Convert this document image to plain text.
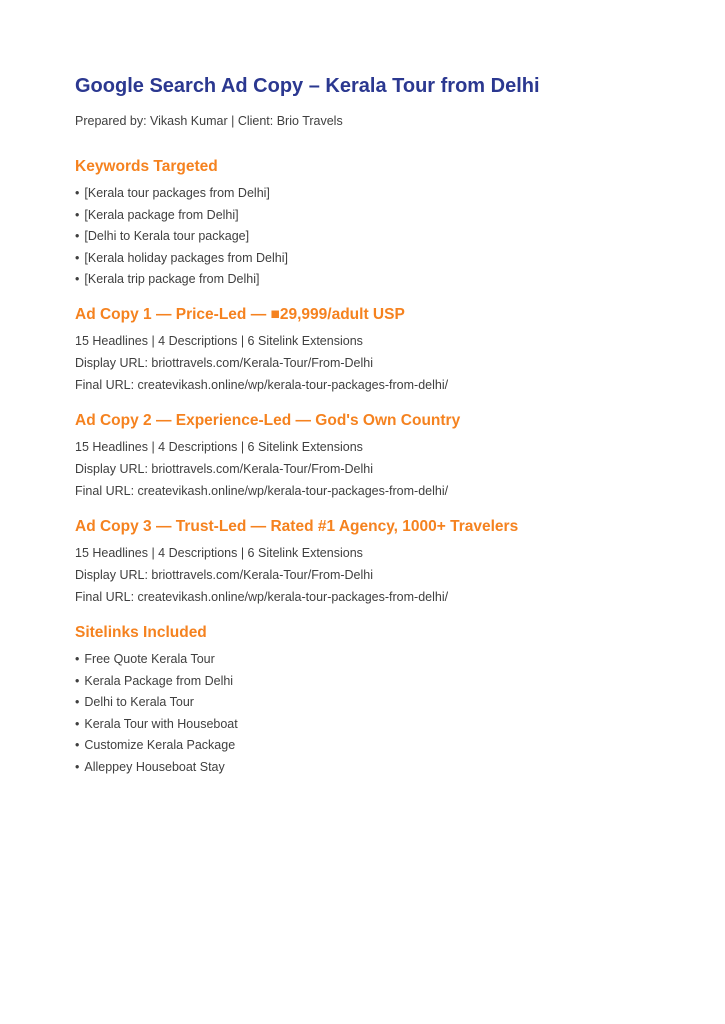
Google Search Ad Copy – Kerala Tour from Delhi

Prepared by: Vikash Kumar | Client: Brio Travels

Keywords Targeted
• [Kerala tour packages from Delhi]
• [Kerala package from Delhi]
• [Delhi to Kerala tour package]
• [Kerala holiday packages from Delhi]
• [Kerala trip package from Delhi]
Ad Copy 1 — Price-Led — ■29,999/adult USP

15 Headlines | 4 Descriptions | 6 Sitelink Extensions

Display URL: briottravels.com/Kerala-Tour/From-Delhi

Final URL: createvikash.online/wp/kerala-tour-packages-from-delhi/

Ad Copy 2 — Experience-Led — God's Own Country

15 Headlines | 4 Descriptions | 6 Sitelink Extensions

Display URL: briottravels.com/Kerala-Tour/From-Delhi

Final URL: createvikash.online/wp/kerala-tour-packages-from-delhi/

Ad Copy 3 — Trust-Led — Rated #1 Agency, 1000+ Travelers

15 Headlines | 4 Descriptions | 6 Sitelink Extensions

Display URL: briottravels.com/Kerala-Tour/From-Delhi

Final URL: createvikash.online/wp/kerala-tour-packages-from-delhi/

Sitelinks Included
• Free Quote Kerala Tour
• Kerala Package from Delhi
• Delhi to Kerala Tour
• Kerala Tour with Houseboat
• Customize Kerala Package
• Alleppey Houseboat Stay
